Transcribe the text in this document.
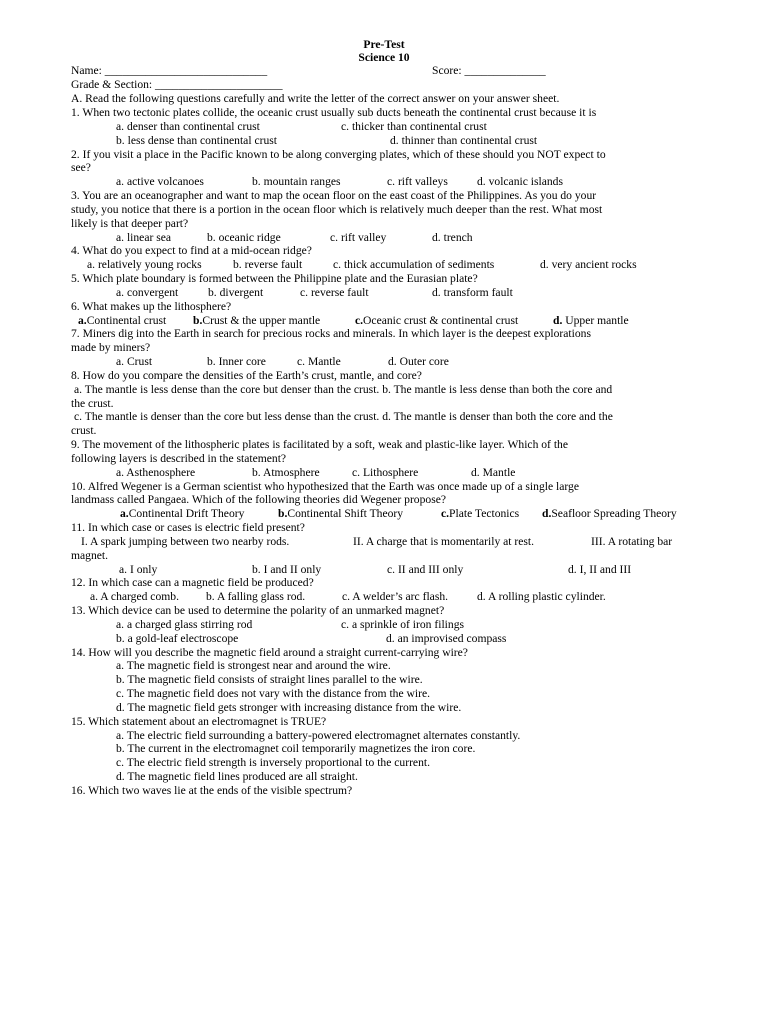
Pre-Test
Science 10
Name: ____________________________	Score: ______________
Grade & Section: ______________________
A. Read the following questions carefully and write the letter of the correct answer on your answer sheet.
1. When two tectonic plates collide, the oceanic crust usually sub ducts beneath the continental crust because it is
a. denser than continental crust	c. thicker than continental crust
b. less dense than continental crust	d. thinner than continental crust
2. If you visit a place in the Pacific known to be along converging plates, which of these should you NOT expect to
see?
a. active volcanoes	b. mountain ranges	c. rift valleys	d. volcanic islands
3. You are an oceanographer and want to map the ocean floor on the east coast of the Philippines. As you do your
study, you notice that there is a portion in the ocean floor which is relatively much deeper than the rest. What most
likely is that deeper part?
a. linear sea	b. oceanic ridge	c. rift valley	d. trench
4. What do you expect to find at a mid-ocean ridge?
a. relatively young rocks	b. reverse fault	c. thick accumulation of sediments	d. very ancient rocks
5. Which plate boundary is formed between the Philippine plate and the Eurasian plate?
a. convergent	b. divergent	c. reverse fault	d. transform fault
6. What makes up the lithosphere?
a.Continental crust b.Crust & the upper mantle	c.Oceanic crust & continental crust	d. Upper mantle
7. Miners dig into the Earth in search for precious rocks and minerals. In which layer is the deepest explorations
made by miners?
a. Crust	b. Inner core	c. Mantle	d. Outer core
8. How do you compare the densities of the Earth’s crust, mantle, and core?
a. The mantle is less dense than the core but denser than the crust. b. The mantle is less dense than both the core and
the crust.
c. The mantle is denser than the core but less dense than the crust. d. The mantle is denser than both the core and the
crust.
9. The movement of the lithospheric plates is facilitated by a soft, weak and plastic-like layer. Which of the
following layers is described in the statement?
a. Asthenosphere	b. Atmosphere	c. Lithosphere	d. Mantle
10. Alfred Wegener is a German scientist who hypothesized that the Earth was once made up of a single large
landmass called Pangaea. Which of the following theories did Wegener propose?
a.Continental Drift Theory	b.Continental Shift Theory	c.Plate Tectonics d.Seafloor Spreading Theory
11. In which case or cases is electric field present?
I. A spark jumping between two nearby rods.	II. A charge that is momentarily at rest.	III. A rotating bar
magnet.
a. I only	b. I and II only	c. II and III only	d. I, II and III
12. In which case can a magnetic field be produced?
a. A charged comb. b. A falling glass rod.	c. A welder’s arc flash. d. A rolling plastic cylinder.
13. Which device can be used to determine the polarity of an unmarked magnet?
a. a charged glass stirring rod	c. a sprinkle of iron filings
b. a gold-leaf electroscope	d. an improvised compass
14. How will you describe the magnetic field around a straight current-carrying wire?
a. The magnetic field is strongest near and around the wire.
b. The magnetic field consists of straight lines parallel to the wire.
c. The magnetic field does not vary with the distance from the wire.
d. The magnetic field gets stronger with increasing distance from the wire.
15. Which statement about an electromagnet is TRUE?
a. The electric field surrounding a battery-powered electromagnet alternates constantly.
b. The current in the electromagnet coil temporarily magnetizes the iron core.
c. The electric field strength is inversely proportional to the current.
d. The magnetic field lines produced are all straight.
16. Which two waves lie at the ends of the visible spectrum?
